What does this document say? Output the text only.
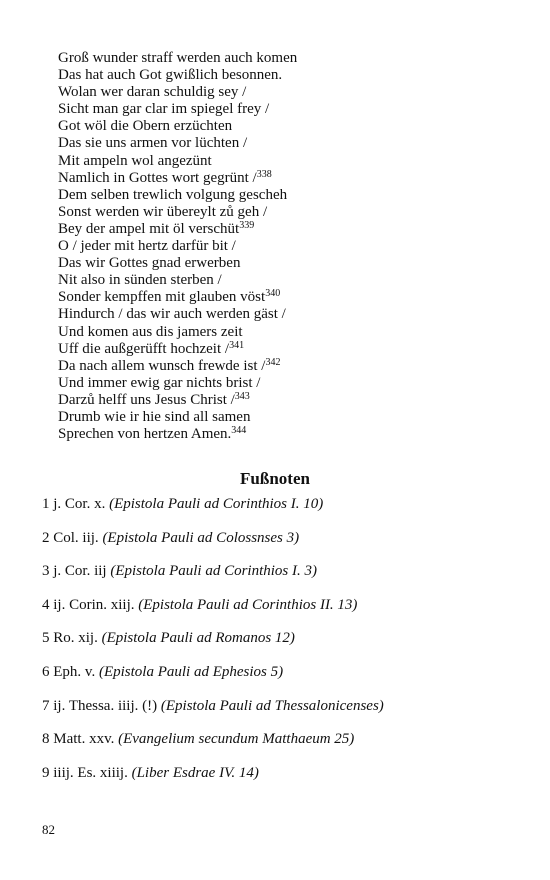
Groß wunder straff werden auch komen
Das hat auch Got gwißlich besonnen.
Wolan wer daran schuldig sey /
Sicht man gar clar im spiegel frey /
Got wöl die Obern erzüchten
Das sie uns armen vor lüchten /
Mit ampeln wol angezünt
Namlich in Gottes wort gegrünt /$^{338}$
Dem selben trewlich volgung gescheh
Sonst werden wir übereylt zů geh /
Bey der ampel mit öl verschüt$^{339}$
O / jeder mit hertz darfür bit /
Das wir Gottes gnad erwerben
Nit also in sünden sterben /
Sonder kempffen mit glauben vöst$^{340}$
Hindurch / das wir auch werden gäst /
Und komen aus dis jamers zeit
Uff die außgerüfft hochzeit /$^{341}$
Da nach allem wunsch frewde ist /$^{342}$
Und immer ewig gar nichts brist /
Darzů helff uns Jesus Christ /$^{343}$
Drumb wie ir hie sind all samen
Sprechen von hertzen Amen.$^{344}$
Fußnoten
1 j. Cor. x. (Epistola Pauli ad Corinthios I. 10)
2 Col. iij. (Epistola Pauli ad Colossnses 3)
3 j. Cor. iij (Epistola Pauli ad Corinthios I. 3)
4 ij. Corin. xiij. (Epistola Pauli ad Corinthios II. 13)
5 Ro. xij. (Epistola Pauli ad Romanos 12)
6 Eph. v. (Epistola Pauli ad Ephesios 5)
7 ij. Thessa. iiij. (!) (Epistola Pauli ad Thessalonicenses)
8 Matt. xxv. (Evangelium secundum Matthaeum 25)
9 iiij. Es. xiiij. (Liber Esdrae IV. 14)
82
